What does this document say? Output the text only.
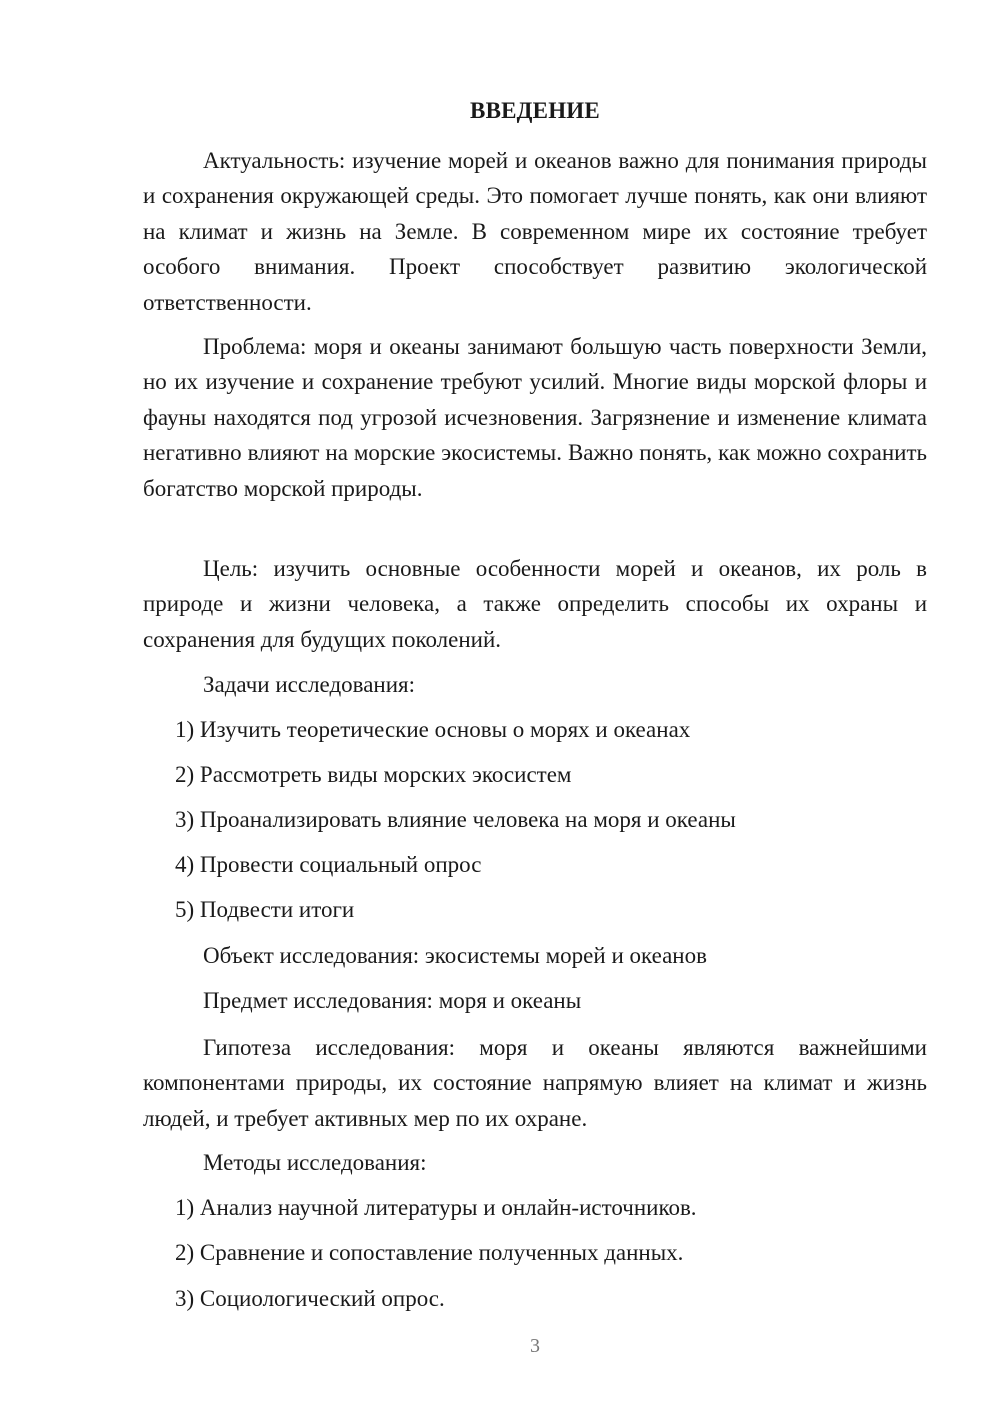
ВВЕДЕНИЕ

Актуальность: изучение морей и океанов важно для понимания природы и сохранения окружающей среды. Это помогает лучше понять, как они влияют на климат и жизнь на Земле. В современном мире их состояние требует особого внимания. Проект способствует развитию экологической ответственности.

Проблема: моря и океаны занимают большую часть поверхности Земли, но их изучение и сохранение требуют усилий. Многие виды морской флоры и фауны находятся под угрозой исчезновения. Загрязнение и изменение климата негативно влияют на морские экосистемы. Важно понять, как можно сохранить богатство морской природы.

Цель: изучить основные особенности морей и океанов, их роль в природе и жизни человека, а также определить способы их охраны и сохранения для будущих поколений.

Задачи исследования:
1) Изучить теоретические основы о морях и океанах
2) Рассмотреть виды морских экосистем
3) Проанализировать влияние человека на моря и океаны
4) Провести социальный опрос
5) Подвести итоги
Объект исследования: экосистемы морей и океанов
Предмет исследования: моря и океаны

Гипотеза исследования: моря и океаны являются важнейшими компонентами природы, их состояние напрямую влияет на климат и жизнь людей, и требует активных мер по их охране.

Методы исследования:
1) Анализ научной литературы и онлайн-источников.
2) Сравнение и сопоставление полученных данных.
3) Социологический опрос.
3
